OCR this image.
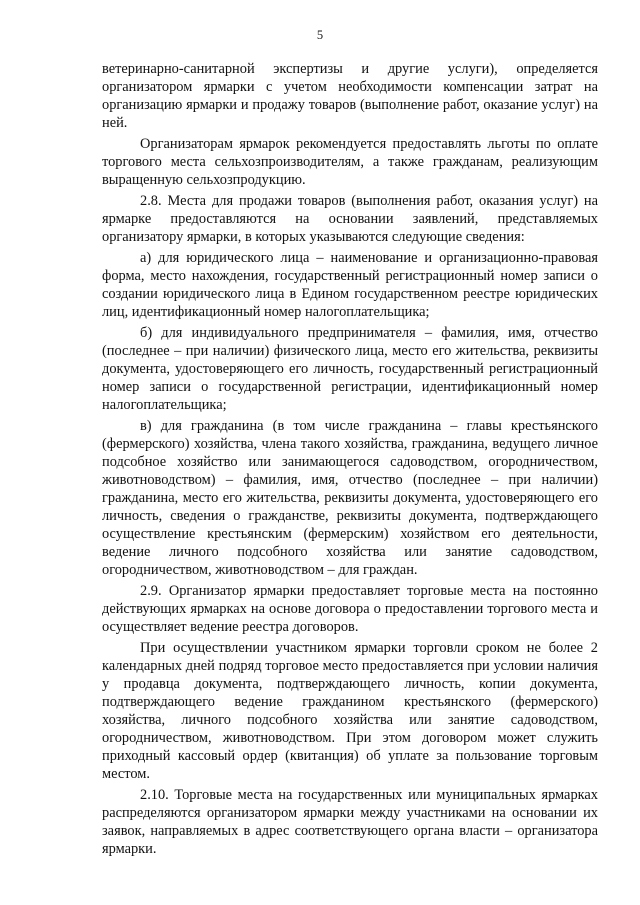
5

ветеринарно-санитарной экспертизы и другие услуги), определяется организатором ярмарки с учетом необходимости компенсации затрат на организацию ярмарки и продажу товаров (выполнение работ, оказание услуг) на ней.

Организаторам ярмарок рекомендуется предоставлять льготы по оплате торгового места сельхозпроизводителям, а также гражданам, реализующим выращенную сельхозпродукцию.

2.8. Места для продажи товаров (выполнения работ, оказания услуг) на ярмарке предоставляются на основании заявлений, представляемых организатору ярмарки, в которых указываются следующие сведения:

а) для юридического лица – наименование и организационно-правовая форма, место нахождения, государственный регистрационный номер записи о создании юридического лица в Едином государственном реестре юридических лиц, идентификационный номер налогоплательщика;

б) для индивидуального предпринимателя – фамилия, имя, отчество (последнее – при наличии) физического лица, место его жительства, реквизиты документа, удостоверяющего его личность, государственный регистрационный номер записи о государственной регистрации, идентификационный номер налогоплательщика;

в) для гражданина (в том числе гражданина – главы крестьянского (фермерского) хозяйства, члена такого хозяйства, гражданина, ведущего личное подсобное хозяйство или занимающегося садоводством, огородничеством, животноводством) – фамилия, имя, отчество (последнее – при наличии) гражданина, место его жительства, реквизиты документа, удостоверяющего его личность, сведения о гражданстве, реквизиты документа, подтверждающего осуществление крестьянским (фермерским) хозяйством его деятельности, ведение личного подсобного хозяйства или занятие садоводством, огородничеством, животноводством – для граждан.

2.9. Организатор ярмарки предоставляет торговые места на постоянно действующих ярмарках на основе договора о предоставлении торгового места и осуществляет ведение реестра договоров.

При осуществлении участником ярмарки торговли сроком не более 2 календарных дней подряд торговое место предоставляется при условии наличия у продавца документа, подтверждающего личность, копии документа, подтверждающего ведение гражданином крестьянского (фермерского) хозяйства, личного подсобного хозяйства или занятие садоводством, огородничеством, животноводством. При этом договором может служить приходный кассовый ордер (квитанция) об уплате за пользование торговым местом.

2.10. Торговые места на государственных или муниципальных ярмарках распределяются организатором ярмарки между участниками на основании их заявок, направляемых в адрес соответствующего органа власти – организатора ярмарки.
